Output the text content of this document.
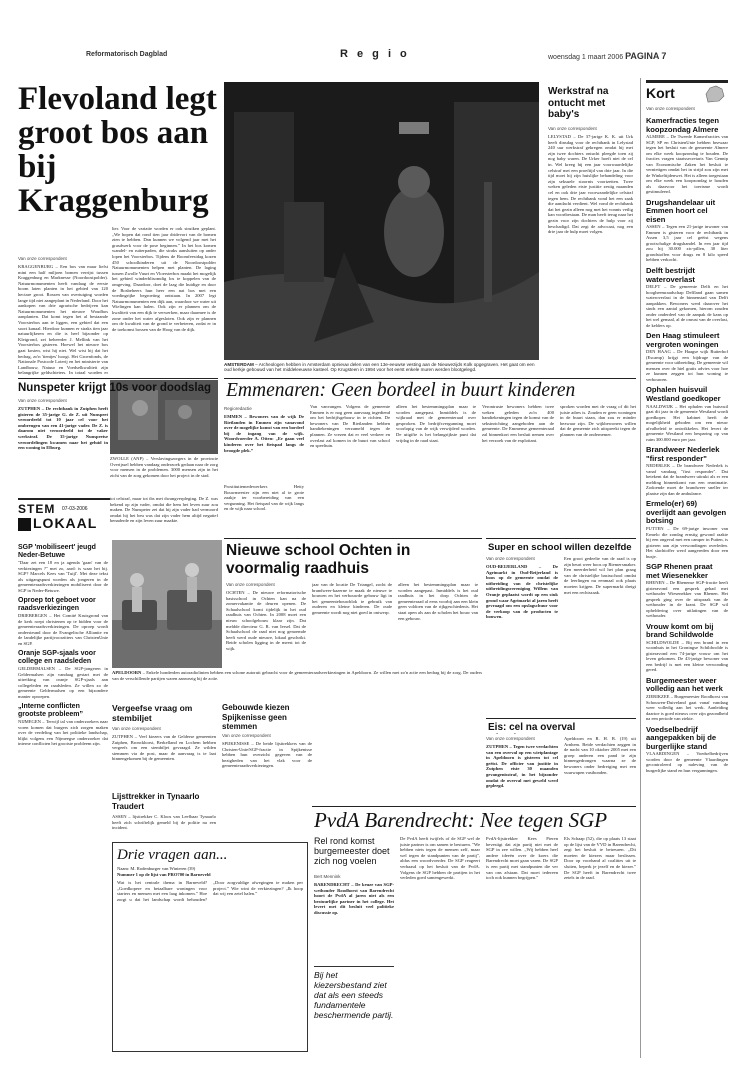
Reformatorisch Dagblad	R e g i o	woensdag 1 maart 2006 PAGINA 7
Flevoland legt groot bos aan bij Kraggenburg
Van onze correspondent
KRAGGENBURG – Een bos van maar liefst mini een half miljoen bomen verrijst tussen Kraggenburg en Marknesse (Noordoostpolder). Natuurmonumenten heeft vandaag de eerste boom laten planten in het gebied van 120 hectare groot. Rossen van overtuiging worden lange tijd niet aangeplant in Nederland. Door het aankopen van drie agrarische bedrijven kan Natuurmonumenten het nieuwe Woudbos aanplanten. Dat komt tegen het al bestaande Voorsterbos aan te liggen, een gebied dat een soort kanaal. Hierdoor kunnen er straks tien jaar natuurlijkeren en die is heel bijzonder op Kleigrond, zei beheerder J. Mellink van het Voorsterbos gisteren. Hoewel het nieuwe bos gaat kosten, wist hij niet. Wel wist hij dat het bedrag, zo'n 'tientjes' hoogt. Het Groenfonds, de Nationale Postcode Loterij en het ministerie van Landbouw, Natuur en Voedselkwaliteit zijn belangrijke geldschieters. In totaal worden er
lier. Voor de variatie worden er ook struiken geplant. „We hopen dat rond tien jaar dridevort van de bomen zien te hebben. Dan kunnen we volgend jaar met het grasdwerk voor de pose beginnen.” In het bos komen wandel- en ruiterpaden, die straks aansluiten op ander lopen het Voorsterbos. Tijdens de Boomfeestdag kozen 450 schoolkinderen uit de Noordoostpolder Natuurmonumenten helpen met planten. De laging tussen Zwolle Vuurt en Vloersterbos maakt het mogelijk het gebied winderblisomdig los te koppelen van de omgeving. Daardoor, doet de laag die huidige en door de Bosbeheers hun heer een nat bos met een voedingrijke begroeiing ontstaan. In 2007 legt Natuurmonumenten een dijk aan, waardoor we water uit Wielingen kan halen. Ook zijn er plannen om de kwaliteit van een dijk te verwerken, maar daarmee is de zone onder het water afgesloten. Ook zijn er plannen om de kwaliteit van de grond te verbeteren, zodat er in de toekomst bossen van de Hoog van de dijk.
AMSTERDAM – Archeologen hebben in Amsterdam opnieuw delen van een 13e-eeuwse vesting aan de Nieuwezijds Kolk opgegraven. Het gaat om een oud kerkje gebouwd van het middeleeuwse kasteel. Op Krugsteen in 1994 voor het eerst enkele muren werden blootgelegd.
Werkstraf na ontucht met baby's
Van onze correspondent
LELYSTAD – De 37-jarige K. K. uit Urk heeft dinsdag voor de rechtbank in Lelystad 240 uur werkstraf gekregen omdat hij met zijn twee dochters ontucht pleegde toen zij nog baby waren. De Urker hoeft niet de cel in. Wel kreeg hij een jaar voorwaardelijke celstraf met een proeftijd van drie jaar. In die tijd moet hij zijn huislijke behandeling voor zijn seksuele stoornis voortzetten. Twee weken geleden eiste justitie zestig maanden cel en ook drie jaar voorwaardelijke celstraf tegen hem. De rechtbank vond het een zaak die aandacht verdient. Wel vond de rechtbank dat het gezin alleen nog met het vonnis veilig kan voortbestaan. De man heeft terug naar het gezin voor zijn dochters de hulp voor zij beschadigd. Dat zegt de advocaat, nog een drie jaar de hulp moet volgen.
Kort
Van onze correspondent
Kamerfracties tegen koopzondag Almere
ALMERE – De Tweede Kamerfracties van SGP, SP en ChristenUnie hebben bezwaar tegen het besluit van de gemeente Almere om elke week koopzondag te houden. De fracties vragen staatssecretaris Van Gennip van Economische Zaken het besluit te vernietigen omdat het in strijd zou zijn met de Winkeltijdenwet. Het is alleen toegestaan om elke week een koopzondag te houden als daarvoor het toerisme wordt gestimuleerd.
Drugshandelaar uit Emmen hoort cel eisen
ASSEN – Tegen een 21-jarige inwoner van Emmen is gisteren voor de rechtbank in Assen 3,5 jaar cel geëist wegens grootschalige drugshandel. In een jaar tijd zou hij 30.000 xtc-pillen, 30 liter grondstoffen voor drugs en 8 kilo speed hebben verkocht.
Delft bestrijdt wateroverlast
DELFT – De gemeente Delft en het hoogheemraadschap Delfland gaan samen wateroverlast in de binnenstad van Delft aanpakken. Bewoners werd daarover het sinds een aantal gekomen, hierom zouden onder onderdeel van de aanpak de kans op het wel gemaal, al de onrust van de overlast, de kelders op.
Den Haag stimuleert vergroten woningen
DEN HAAG – De Haagse wijk Ruiterhof (Escamp) krijgt een bijdrage van de gemeente voor uitbreiding. De gemeente wil mensen over de hiel gratis advies voor hoe ze kunnen zeggen tot hun woning te verbouwen.
Ophalen huisvuil Westland goedkoper
NAALDWIJK – Het ophalen van huisvuil gaat dit jaar in de gemeente Westland wordt goedkoper. Het kabinet heeft de mogelijkheid geboden om een nieuw afvalbeleid te ontwikkelen. Het levert de gemeente Westland een besparing op van ruim 300.000 euro per jaar.
Brandweer Nederlek "first responder"
NEDERLEK – De brandweer Nederlek is vanaf vandaag "first responder". Dat betekent dat de brandweer uitrukt als er een melding binnenkomt van een reanimatie. Zodoende moet de brandweer sneller ter plaatse zijn dan de ambulance.
Ermelo(er) 69) overlijdt aan gevolgen botsing
PUTTEN – De 69-jarige inwoner van Ermelo die zondag ernstig gewond raakte bij een ongeval met een camper in Putten, is gisteren aan zijn verwondingen overleden. Het slachtoffer werd aangereden door een busje.
SGP Rhenen praat met Wiesenekker
RHENEN – De Rhenense SGP-fractie heeft gisteravond een gesprek gehad met wethouder Wiesenekker van Rhenen. Het gesprek ging over de uitspraak van de wethouder in de krant. De SGP wil opheldering over uitlatingen van de wethouder.
Vrouw komt om bij brand Schildwolde
SCHILDWOLDE – Bij een brand in een woonhuis in het Groningse Schildwolde is gisteravond een 74-jarige vrouw om het leven gekomen. De 43-jarige bewoner van een bedrijf is met een kleine verwonding gered.
Burgemeester weer volledig aan het werk
ZIERIKZEE – Burgemeester Roodhorst van Schouwen-Duiveland gaat vanaf vandaag weer volledig aan het werk. Aanleiding daartoe is goed nieuws over zijn gezondheid na een periode van ziekte.
Voedselbedrijf aangepakken bij de burgerlijke stand
VLAARDINGEN – Voedselbedrijven worden door de gemeente Vlaardingen gecontroleerd op naleving van de burgerlijke stand en hun vergunningen.
Emmenaren: Geen bordeel in buurt kinderen
Regioredactie
EMMEN – Bewoners van de wijk De Rietlanden in Emmen zijn vanavond over de mogelijke komst van een bordeel bij de ingang van de wijk. Woordvoerder A. Otten: „Er gaan veel kinderen over het fietspad langs de beoogde plek.”
Prostitutiemedewerkers Hetty Bouwmeester zijn een niet al te grote zaakje ter voorbereiding van een vergunning. Het fietspad van de wijk langs en de wijk naar school.
Van vanvangen. Volgens de gemeente Emmen is er nog geen aanvraag ingediend om het bedrijfsgebouw in te richten. De bewoners van De Rietlanden hebben handtekeningen verzameld tegen de plannen. Ze vrezen dat er veel verkeer en overlast zal komen in de buurt van school en speeltuin.
alleen het bestemmingsplan maar te worden aangepast. Inmiddels is de wijkraad met de gemeenteraad over gesproken. De bedrijfsvergunning moet voorlopig van de wijk verwijderd worden. De uitgifte is het belangrijkste punt dat vrijdag in de raad staat.
Verontruste bewoners hebben twee weken geleden zo'n 400 handtekeningen tegen de komst van de seksinrichting aangeboden aan de gemeente. De Emmense gemeenteraad zal binnenkort een besluit nemen over het verzoek van de exploitant.
sproken worden met de vraag of dit het juiste adres is. Zouden er geen woningen in de buurt staan, dan zou er minder bezwaar zijn. De wijkbewoners willen dat de gemeente zich uitspreekt tegen de plannen van de ondernemer.
ZWOLLE (ANP) – Verslavingszorgers in de provincie Overijssel hebben vandaag onderzoek gedaan naar de zorg voor mensen in de problemen. 3000 mensen zijn in het zicht van de zorg gekomen door het project in de stad.
Nunspeter krijgt 10s voor doodslag
Van onze correspondent
ZUTPHEN – De rechtbank in Zutphen heeft gisteren de 35-jarige G. de Z. uit Nunspeet veroordeeld tot 10 jaar cel voor het ombrengen van een 41-jarige vader. De Z. is daarom niet veroordeeld tot de vaker werkstraf. De 35-jarige Nunspeetse veroordelingen kwamen naar het geluid in een woning in Elburg.
tot celstraf, maar tot tbs met dwangverpleging. De Z. was bekend op zijn vader, omdat die hem het leven zuur zou maken. De Nunspeter zei dat hij zijn vader had vermoord omdat hij het beu was dat zijn vader hem altijd negatief benaderde en zijn leven zuur maakte.
STEM 07-03-2006
LOKAAL
SGP 'mobiliseert' jeugd Neder-Betuwe
"Daar zet een 18 en ja agenda 'gaan' van de verkiezingen ?" met zo, aard: is waar het bij. SGP? Marcels Kees van 'Tuijl'. Met deze tekst als uitgangspunt worden als jongeren in de gemeenteraadsverkiezingen mobiliseert door de SGP in Neder-Betuwe.
Oproep tot geboet voor raadsverkiezingen
DRIEBERGEN – Het Comité Kruisgrond van de kerk roept christenen op te bidden voor de gemeenteraadsverkiezingen. De oproep wordt ondersteund door de Evangelische Alliantie en de landelijke partijvoorzitters van ChristenUnie en SGP.
Oranje SGP-sjaals voor college en raadsleden
GELDERMALSEN – De SGP-jongeren in Geldermalsen zijn vandaag gestart met de uitreiking van oranje SGP-sjaals aan collegeleden en raadsleden. Ze willen zo de gemeente Geldermalsen op een bijzondere manier oproepen.
„Interne conflicten grootste probleem”
NIJMEGEN – Terwijl tal van onderzoekers naar voren komen dat burgers zich zorgen maken over de verdeling van het politieke landschap, blijkt volgens een Nijmeegse onderzoeker dat interne conflicten het grootste probleem zijn.
Nieuwe school Ochten in voormalig raadhuis
Van onze correspondent
OCHTEN – De nieuwe reformatorische basisschool in Ochten kan na de zomervakantie de deuren openen. De Schaalschool komt tijdelijk in het oud raadhuis van Ochten. In 2008 moet een nieuw schoolgebouw klaar zijn. Dat meldde directeur G. R. van Iersel. Dat de Schaalschool de raad niet nog genoemde heeft werd oude nieuwe, lokaal geschrikt. Beide scholen ligging in de meest tot de wijk.
jaar van de locatie De Triangel, zocht de brandweer-kazerne te maak de nieuwe te bouwen en het verbouwde gebouw ligt in het gemeentebouwblok te gebruik van ouderen en kleine kinderen. De oude gemeente wordt nog niet goed in ontwerp.
alleen het bestemmingsplan maar te worden aangepast. Inmiddels is het oud raadhuis in het dorp Ochten de gemeenteraad al eens voorbij aan een klein geen voldoen van de rijkgeschiedenis. Het staat open als aan de scholen het bouw van een gebouw.
APELDOORN – Enkele honderden autoradiolinten hebben een schone autoruit gebracht voor de gemeenteraadsverkiezingen in Apeldoorn. Ze willen met zo'n actie een bedrag bij de zorg. De ouders van de verschillende partijen waren aanwezig bij de actie.
Vergeefse vraag om stembiljet
Van onze correspondent
ZUTPHEN – Veel kiezers van de Gelderse gemeenten Zutphen, Bronckhorst, Berkelland en Lochem hebben vergeefs om een stembiljet gevraagd. Ze wilden stemmen via de post, maar de aanvraag is te laat binnengekomen bij de gemeenten.
Gebouwde kiezen Spijkenisse geen stemmen
Van onze correspondent
SPIJKENISSE – De beide lijsttrekkers van de Christen-Unie/SGP-fractie in Spijkenisse hebben hun overzicht gegeven van de bezigheden van het vlak voor de gemeenteraadsverkiezingen.
Lijsttrekker in Tynaarlo Traudert
ASSEN – lijsttrekker C. Kloos van Leefbaar Tynaarlo heeft zich schriftelijk gemeld bij de politie na een incident.
Drie vragen aan...
Naam: M. Rodenburger van Winteren (39)
Nummer 1 op de lijst van PRO700 in Barneveld
Wat is het centrale thema in Barneveld? „Goedkopere en betaalbare woningen voor starters en mensen met een laag inkomen.” Hoe zorgt u dat het landschap wordt behouden? „Door zorgvuldige afwegingen te maken per project.” Wie wint de verkiezingen? „Ik hoop dat wij een zetel halen.”
Super en school willen dezelfde
Van onze correspondent
OUD-BEIJERLAND – De Agrimarkt in Oud-Beijerland is boos op de gemeente omdat de uitbreiding van de christelijke uitbreidingsvereniging Willem van Oranje geplaatst wordt op een stuk grond waar Agrimarkt al jaren heeft gevraagd om een opslagschuur voor de verkoop van de producten te bouwen.
Een groot gedeelte van de raad is op zijn beurt weer boos op Riemersmaker. Een meerderheid wil het plan graag van de christelijke basisschool omdat de leerlingen nu eenmaal ook plaats moeten krijgen. De supermarkt dreigt met een rechtszaak.
Eis: cel na overval
Van onze correspondent
ZUTPHEN – Tegen twee verdachten van een overval op een wietplantage in Apeldoorn is gisteren tot cel geëist. De officier van justitie in Zutphen eiste 30 maanden gevangenisstraf, in het bijzonder omdat de overval met geweld werd gepleegd.
Apeldoorn en R. H. B. (19) uit Arnhem. Beide verdachten zeggen in de nacht van 10 oktober 2005 met een groep anderen een pand te zijn binnengedrongen waarna ze de bewoners onder bedreiging met een vuurwapen vastbonden.
PvdA Barendrecht: Nee tegen SGP
Rel rond komst burgemeester doet zich nog voelen
Bert Mennink
BARENDRECHT – De keuze van SGP-wethouder Roodhorst van Barendrecht hoort de PvdA al jaren niet als een bestuurlijke partner in het college. Het levert met dit besluit veel politieke discussie op.
De PvdA heeft twijfels of de SGP wel de juiste partner is om samen te besturen. "We hebben niets tegen de mensen zelf, maar wel tegen de standpunten van de partij", aldus een woordvoerder. De SGP reageert verbaasd op het besluit van de PvdA. Volgens de SGP hebben de partijen in het verleden goed samengewerkt.
PvdA-lijsttrekker Kees Pieren bevestigt dat zijn partij niet met de SGP in zee willen. „Wij hebben heel andere ideeën over de koers die Barendrecht moet gaan varen. De SGP is een partij met standpunten die ver van ons afstaan. Dat moet iedereen toch ook kunnen begrijpen.”
Els Schaap (52), die op plaats 13 staat op de lijst van de VVD in Barendrecht, zegt het besluit te betreuren. „Dit moeten de kiezers maar beslissen. Door op voorhand al coalities uit te sluiten, beperk je jezelf en de kiezer.” De SGP heeft in Barendrecht twee zetels in de raad.
Bij het kiezersbestand ziet dat als een steeds fundamentele beschermende partij.
